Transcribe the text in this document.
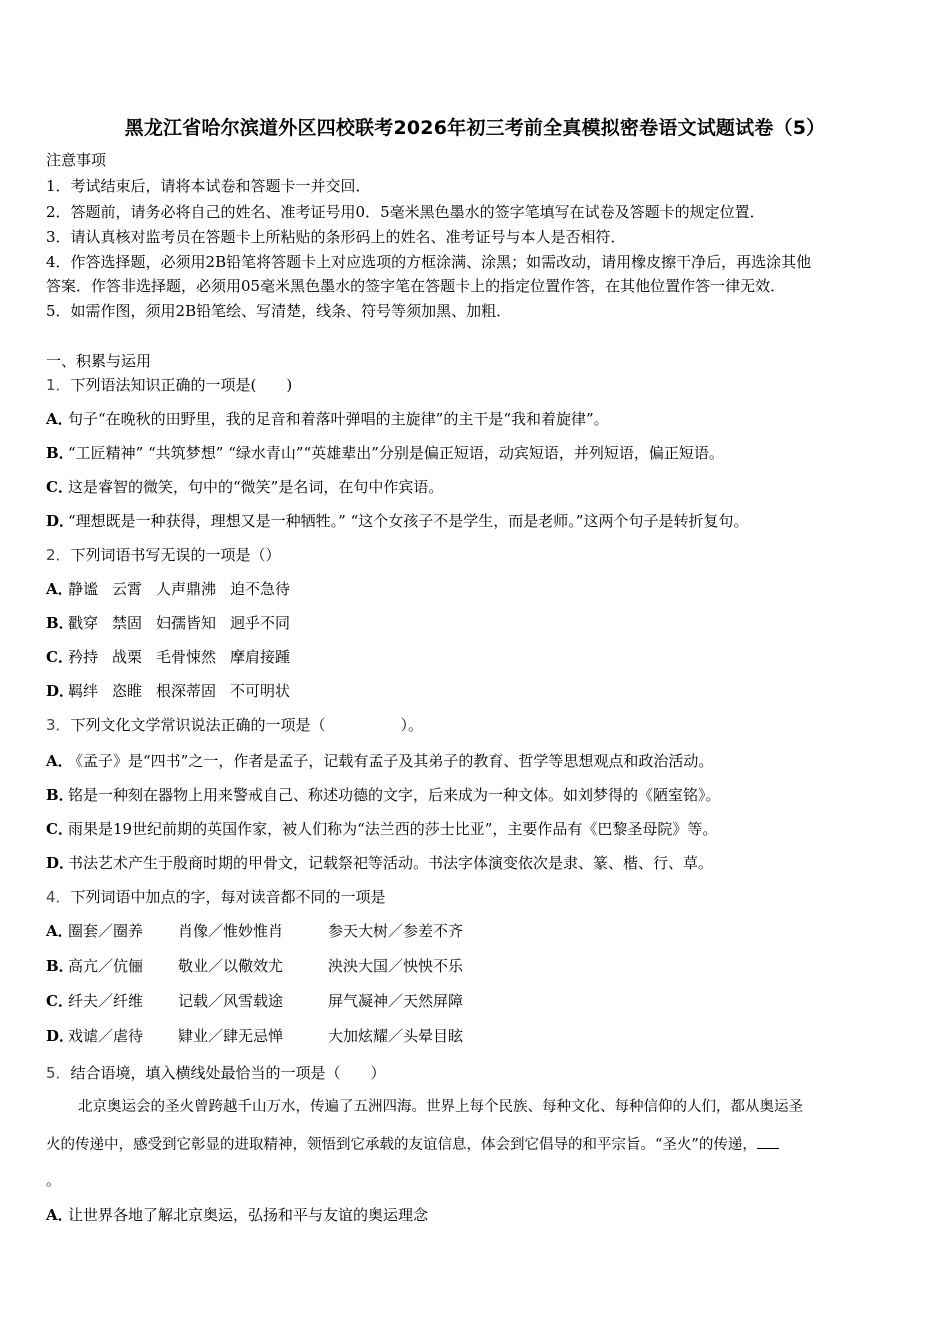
黑龙江省哈尔滨道外区四校联考2026年初三考前全真模拟密卷语文试题试卷（5）
注意事项
1．考试结束后，请将本试卷和答题卡一并交回．
2．答题前，请务必将自己的姓名、准考证号用0．5毫米黑色墨水的签字笔填写在试卷及答题卡的规定位置．
3．请认真核对监考员在答题卡上所粘贴的条形码上的姓名、准考证号与本人是否相符．
4．作答选择题，必须用2B铅笔将答题卡上对应选项的方框涂满、涂黑；如需改动，请用橡皮擦干净后，再选涂其他
答案．作答非选择题，必须用05毫米黑色墨水的签字笔在答题卡上的指定位置作答，在其他位置作答一律无效．
5．如需作图，须用2B铅笔绘、写清楚，线条、符号等须加黑、加粗．
一、积累与运用
1．下列语法知识正确的一项是(　　)
A．句子“在晚秋的田野里，我的足音和着落叶弹唱的主旋律”的主干是“我和着旋律”。
B．“工匠精神” “共筑梦想” “绿水青山”“英雄辈出”分别是偏正短语，动宾短语，并列短语，偏正短语。
C．这是睿智的微笑，句中的“微笑”是名词，在句中作宾语。
D．“理想既是一种获得，理想又是一种牺牲。” “这个女孩子不是学生，而是老师。”这两个句子是转折复句。
2．下列词语书写无误的一项是（）
A．静谧 云霄 人声鼎沸 迫不急待
B．戳穿 禁固 妇孺皆知 迥乎不同
C．矜持 战栗 毛骨悚然 摩肩接踵
D．羁绊 恣睢 根深蒂固 不可明状
3．下列文化文学常识说法正确的一项是（　　　　　）。
A．《孟子》是“四书”之一，作者是孟子，记载有孟子及其弟子的教育、哲学等思想观点和政治活动。
B．铭是一种刻在器物上用来警戒自己、称述功德的文字，后来成为一种文体。如刘梦得的《陋室铭》。
C．雨果是19世纪前期的英国作家，被人们称为“法兰西的莎士比亚”，主要作品有《巴黎圣母院》等。
D．书法艺术产生于殷商时期的甲骨文，记载祭祀等活动。书法字体演变依次是隶、篆、楷、行、草。
4．下列词语中加点的字，每对读音都不同的一项是
A．圈套／圈养 肖像／惟妙惟肖	参天大树／参差不齐
B．高亢／伉俪 敬业／以儆效尤	泱泱大国／怏怏不乐
C．纤夫／纤维 记载／风雪载途	屏气凝神／天然屏障
D．戏谑／虐待 肄业／肆无忌惮	大加炫耀／头晕目眩
5．结合语境，填入横线处最恰当的一项是（　　）
北京奥运会的圣火曾跨越千山万水，传遍了五洲四海。世界上每个民族、每种文化、每种信仰的人们，都从奥运圣
火的传递中，感受到它彰显的进取精神，领悟到它承载的友谊信息，体会到它倡导的和平宗旨。“圣火”的传递，
。
A．让世界各地了解北京奥运，弘扬和平与友谊的奥运理念
